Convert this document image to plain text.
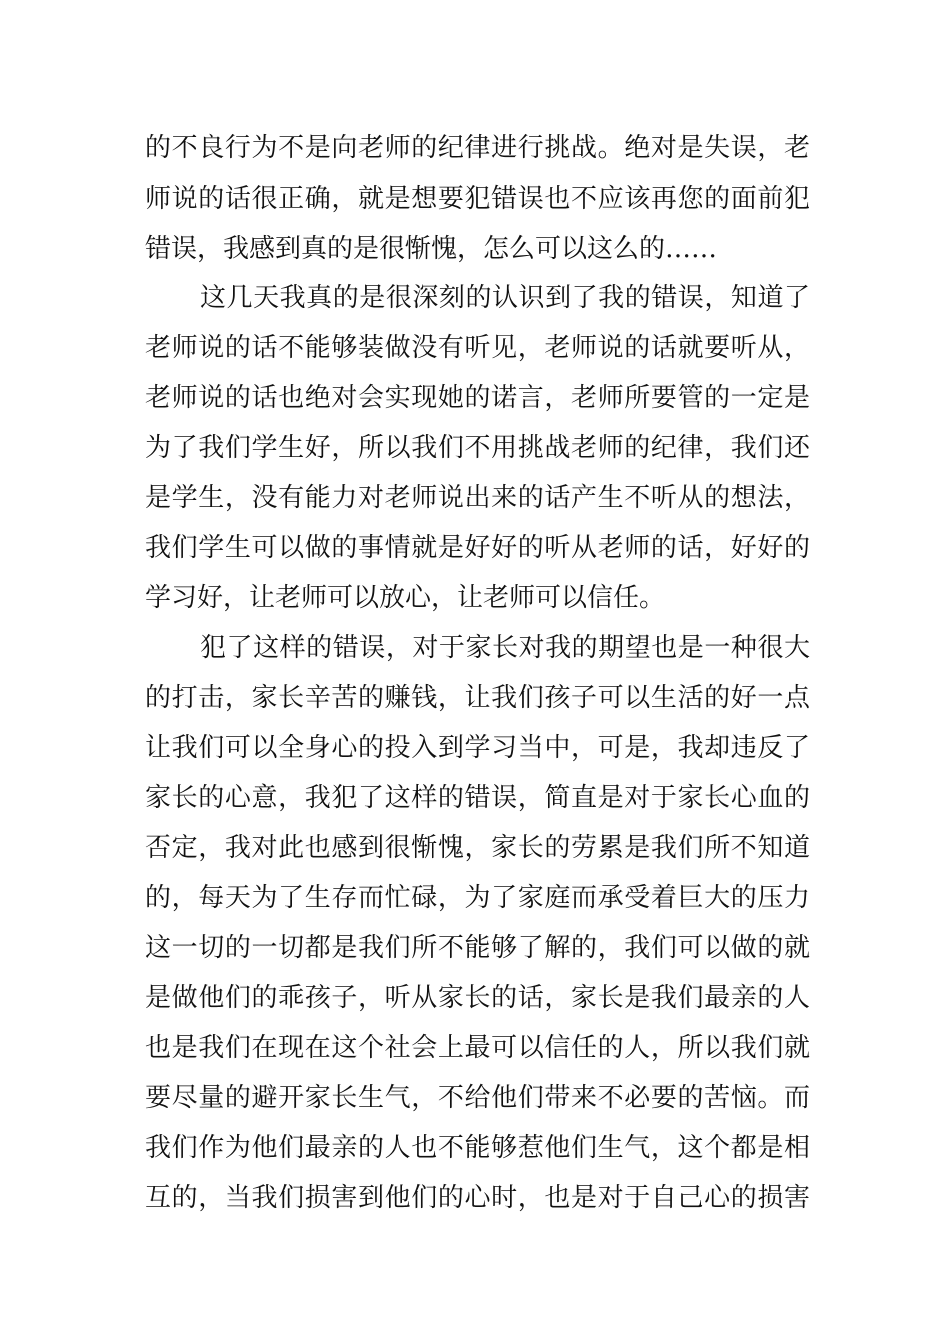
的不良行为不是向老师的纪律进行挑战。绝对是失误，老
师说的话很正确，就是想要犯错误也不应该再您的面前犯
错误，我感到真的是很惭愧，怎么可以这么的……
这几天我真的是很深刻的认识到了我的错误，知道了
老师说的话不能够装做没有听见，老师说的话就要听从，
老师说的话也绝对会实现她的诺言，老师所要管的一定是
为了我们学生好，所以我们不用挑战老师的纪律，我们还
是学生，没有能力对老师说出来的话产生不听从的想法，
我们学生可以做的事情就是好好的听从老师的话，好好的
学习好，让老师可以放心，让老师可以信任。
犯了这样的错误，对于家长对我的期望也是一种很大
的打击，家长辛苦的赚钱，让我们孩子可以生活的好一点
让我们可以全身心的投入到学习当中，可是，我却违反了
家长的心意，我犯了这样的错误，简直是对于家长心血的
否定，我对此也感到很惭愧，家长的劳累是我们所不知道
的，每天为了生存而忙碌，为了家庭而承受着巨大的压力
这一切的一切都是我们所不能够了解的，我们可以做的就
是做他们的乖孩子，听从家长的话，家长是我们最亲的人
也是我们在现在这个社会上最可以信任的人，所以我们就
要尽量的避开家长生气，不给他们带来不必要的苦恼。而
我们作为他们最亲的人也不能够惹他们生气，这个都是相
互的，当我们损害到他们的心时，也是对于自己心的损害
